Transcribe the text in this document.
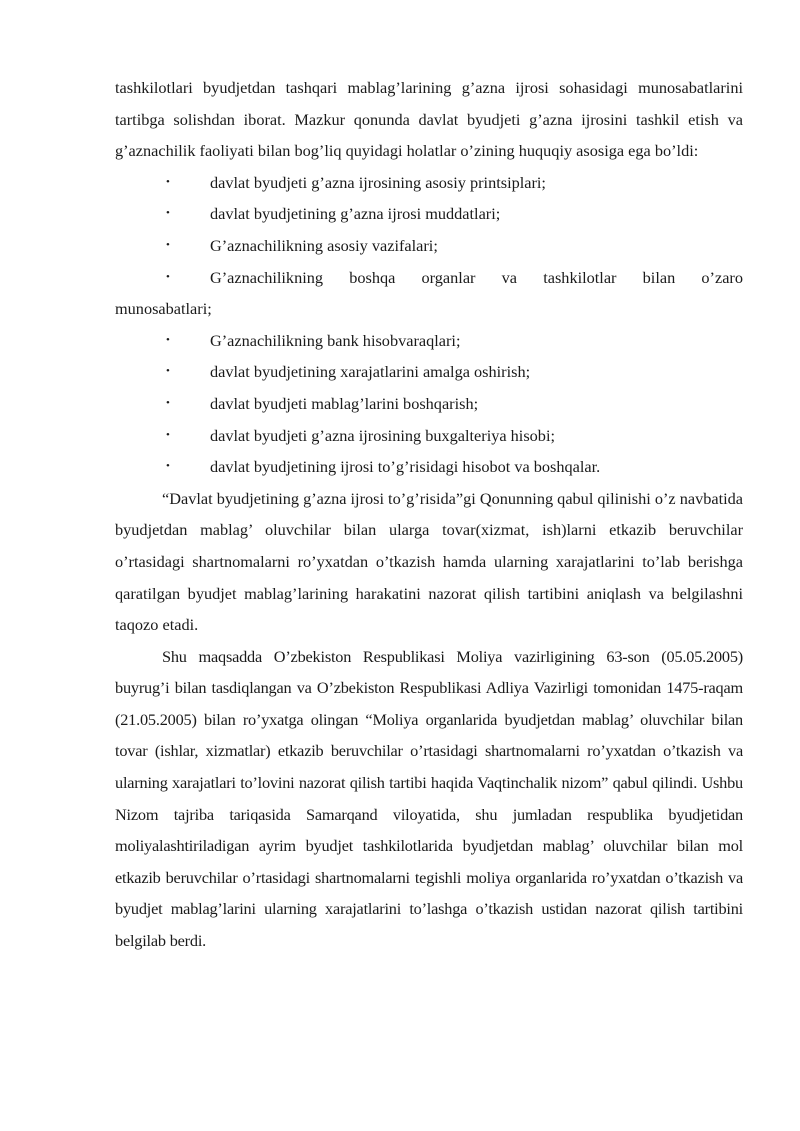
tashkilotlari byudjetdan tashqari mablag’larining g’azna ijrosi sohasidagi munosabatlarini tartibga solishdan iborat. Mazkur qonunda davlat byudjeti g’azna ijrosini tashkil etish va g’aznachilik faoliyati bilan bog’liq quyidagi holatlar o’zining huquqiy asosiga ega bo’ldi:

•	davlat byudjeti g’azna ijrosining asosiy printsiplari;
•	davlat byudjetining g’azna ijrosi muddatlari;
•	G’aznachilikning asosiy vazifalari;
•	G’aznachilikning boshqa organlar va tashkilotlar bilan o’zaro

munosabatlari;

•	G’aznachilikning bank hisobvaraqlari;
•	davlat byudjetining xarajatlarini amalga oshirish;
•	davlat byudjeti mablag’larini boshqarish;
•	davlat byudjeti g’azna ijrosining buxgalteriya hisobi;
•	davlat byudjetining ijrosi to’g’risidagi hisobot va boshqalar.

“Davlat byudjetining g’azna ijrosi to’g’risida”gi Qonunning qabul qilinishi o’z navbatida byudjetdan mablag’ oluvchilar bilan ularga tovar(xizmat, ish)larni etkazib beruvchilar o’rtasidagi shartnomalarni ro’yxatdan o’tkazish hamda ularning xarajatlarini to’lab berishga qaratilgan byudjet mablag’larining harakatini nazorat qilish tartibini aniqlash va belgilashni taqozo etadi.

Shu maqsadda O’zbekiston Respublikasi Moliya vazirligining 63-son (05.05.2005) buyrug’i bilan tasdiqlangan va O’zbekiston Respublikasi Adliya Vazirligi tomonidan 1475-raqam (21.05.2005) bilan ro’yxatga olingan “Moliya organlarida byudjetdan mablag’ oluvchilar bilan tovar (ishlar, xizmatlar) etkazib beruvchilar o’rtasidagi shartnomalarni ro’yxatdan o’tkazish va ularning xarajatlari to’lovini nazorat qilish tartibi haqida Vaqtinchalik nizom” qabul qilindi. Ushbu Nizom tajriba tariqasida Samarqand viloyatida, shu jumladan respublika byudjetidan moliyalashtiriladigan ayrim byudjet tashkilotlarida byudjetdan mablag’ oluvchilar bilan mol etkazib beruvchilar o’rtasidagi shartnomalarni tegishli moliya organlarida ro’yxatdan o’tkazish va byudjet mablag’larini ularning xarajatlarini to’lashga o’tkazish ustidan nazorat qilish tartibini belgilab berdi.
